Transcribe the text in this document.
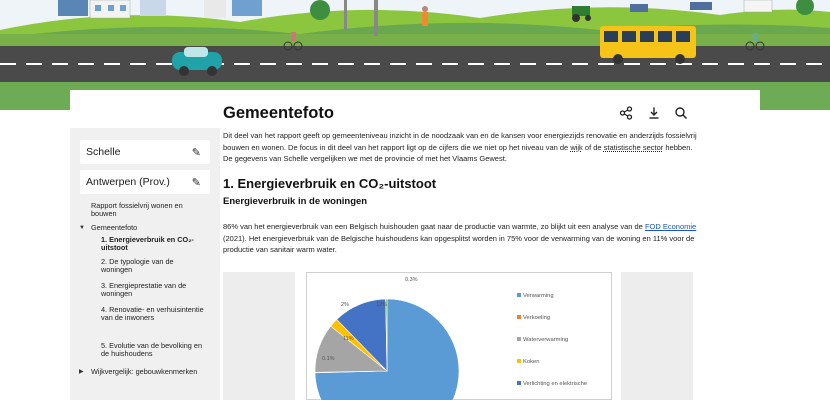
Schelle	✎
Antwerpen (Prov.) ✎
Rapport fossielvrij wonen en bouwen
▼ Gemeentefoto
1. Energieverbruik en CO₂-uitstoot
2. De typologie van de woningen
3. Energieprestatie van de woningen
4. Renovatie- en verhuisintentie van de inwoners
5. Evolutie van de bevolking en de huishoudens
▶ Wijkvergelijk: gebouwkenmerken
Gemeentefoto

Dit deel van het rapport geeft op gemeenteniveau inzicht in de noodzaak van en de kansen voor energiezijds renovatie en anderzijds fossielvrij bouwen en wonen. De focus in dit deel van het rapport ligt op de cijfers die we niet op het niveau van de wijk of de statistische sector hebben. De gegevens van Schelle vergelijken we met de provincie of met het Vlaams Gewest.

1. Energieverbruik en CO₂-uitstoot
Energieverbruik in de woningen

86% van het energieverbruik van een Belgisch huishouden gaat naar de productie van warmte, zo blijkt uit een analyse van de FOD Economie (2021). Het energieverbruik van de Belgische huishoudens kan opgesplitst worden in 75% voor de verwarming van de woning en 11% voor de productie van sanitair warm water.

0.3%
2%	12%
11%
0.1%
Verwarming
Verkoeling
Waterverwarming
Koken
Verlichting en elektrische
